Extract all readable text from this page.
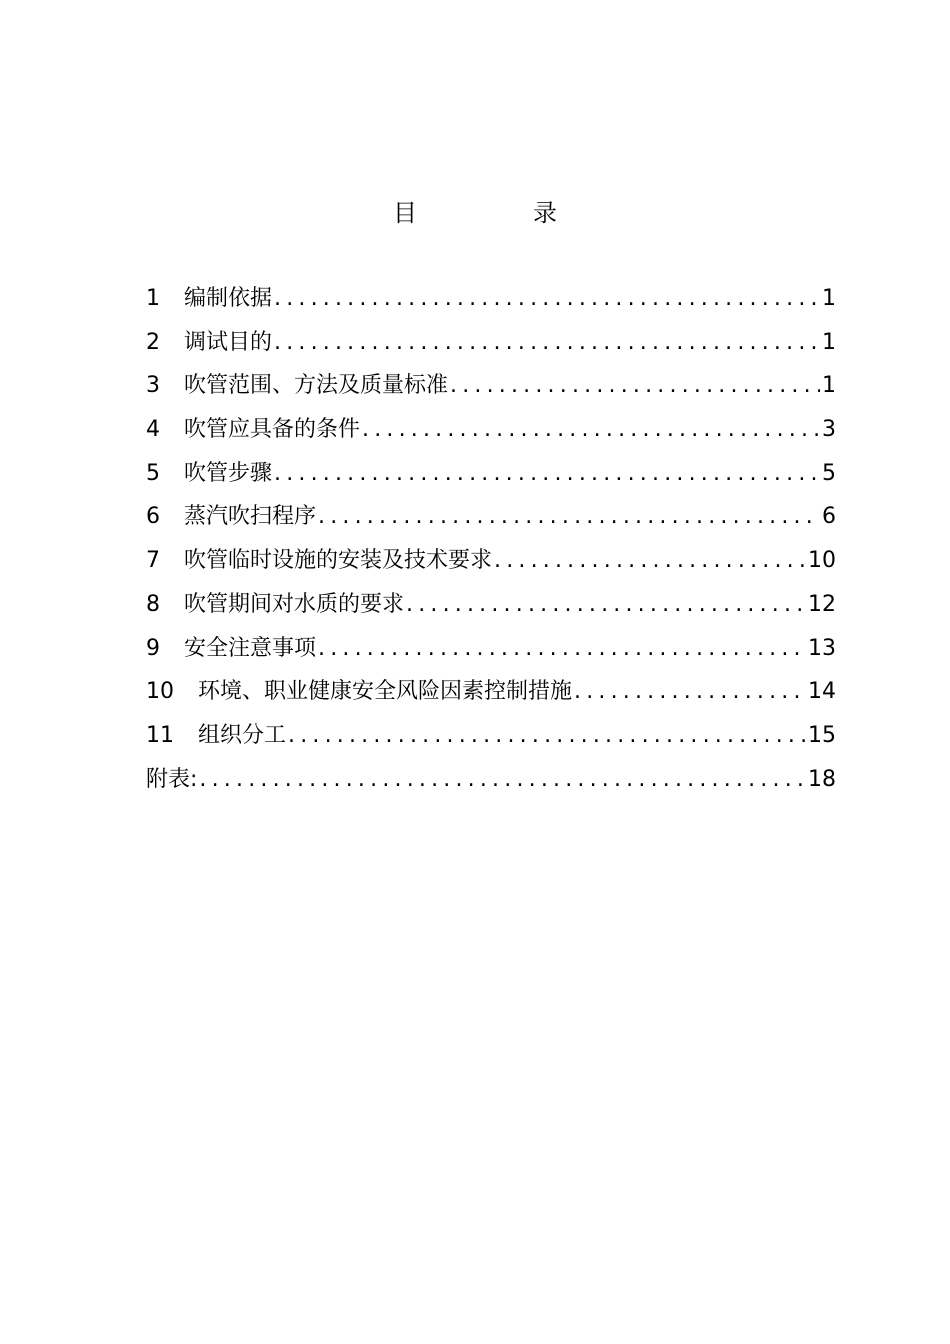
目　录
1	编制依据 .....	1
2	调试目的 .....	1
3	吹管范围、方法及质量标准 .....	1
4	吹管应具备的条件 .....	3
5	吹管步骤 .....	5
6	蒸汽吹扫程序 .....	6
7	吹管临时设施的安装及技术要求 .....	10
8	吹管期间对水质的要求 .....	12
9	安全注意事项 .....	13
10	环境、职业健康安全风险因素控制措施 .....	14
11	组织分工 .....	15
附表: .....	18
